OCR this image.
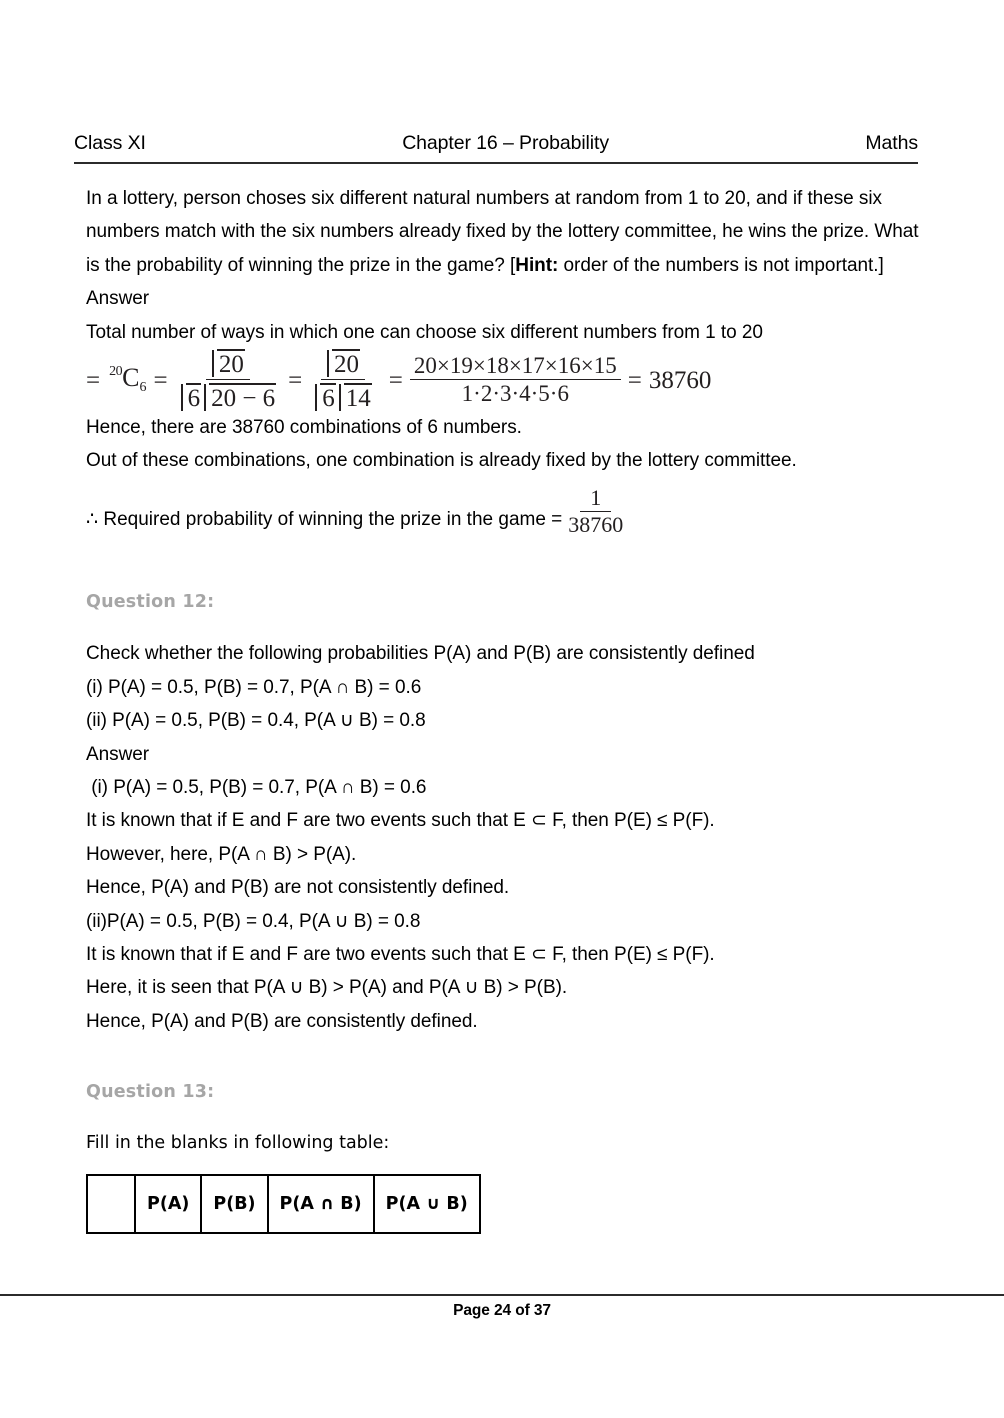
Class XI	Chapter 16 – Probability	Maths

In a lottery, person choses six different natural numbers at random from 1 to 20, and if these six numbers match with the six numbers already fixed by the lottery committee, he wins the prize. What is the probability of winning the prize in the game? [Hint: order of the numbers is not important.]

Answer

Total number of ways in which one can choose six different numbers from 1 to 20

= $^{20}C_6 = \frac{20}{6 20 - 6} = \frac{20}{6 14} = \frac{20\times 19\times 18\times 17\times 16\times 15}{1\cdot 2\cdot 3\cdot 4\cdot 5\cdot 6} = 38760$

Hence, there are 38760 combinations of 6 numbers.

Out of these combinations, one combination is already fixed by the lottery committee.

∴ Required probability of winning the prize in the game = $\frac{1}{38760}$

Question 12:

Check whether the following probabilities P(A) and P(B) are consistently defined

(i) P(A) = 0.5, P(B) = 0.7, P(A ∩ B) = 0.6

(ii) P(A) = 0.5, P(B) = 0.4, P(A ∪ B) = 0.8

Answer

(i) P(A) = 0.5, P(B) = 0.7, P(A ∩ B) = 0.6

It is known that if E and F are two events such that E ⊂ F, then P(E) ≤ P(F).

However, here, P(A ∩ B) > P(A).

Hence, P(A) and P(B) are not consistently defined.

(ii)P(A) = 0.5, P(B) = 0.4, P(A ∪ B) = 0.8

It is known that if E and F are two events such that E ⊂ F, then P(E) ≤ P(F).

Here, it is seen that P(A ∪ B) > P(A) and P(A ∪ B) > P(B).

Hence, P(A) and P(B) are consistently defined.

Question 13:

Fill in the blanks in following table:

	P(A)	P(B)	P(A ∩ B)	P(A ∪ B)
Page 24 of 37
